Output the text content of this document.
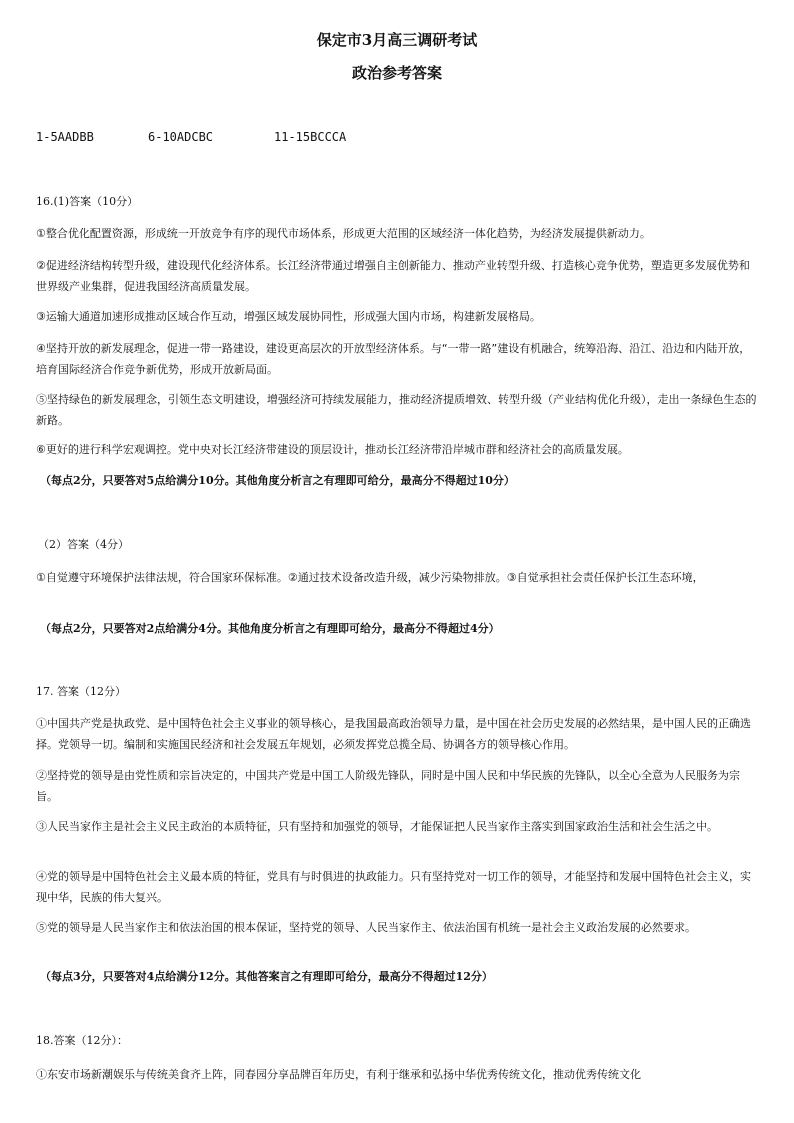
保定市3月高三调研考试
政治参考答案
1-5AADBB	6-10ADCBC	11-15BCCCA
16.(1)答案（10分）

①整合优化配置资源，形成统一开放竞争有序的现代市场体系，形成更大范围的区域经济一体化趋势，为经济发展提供新动力。

②促进经济结构转型升级，建设现代化经济体系。长江经济带通过增强自主创新能力、推动产业转型升级、打造核心竞争优势，塑造更多发展优势和世界级产业集群，促进我国经济高质量发展。

③运输大通道加速形成推动区域合作互动，增强区域发展协同性，形成强大国内市场，构建新发展格局。

④坚持开放的新发展理念，促进一带一路建设，建设更高层次的开放型经济体系。与“一带一路”建设有机融合，统筹沿海、沿江、沿边和内陆开放，培育国际经济合作竞争新优势，形成开放新局面。

⑤坚持绿色的新发展理念，引领生态文明建设，增强经济可持续发展能力，推动经济提质增效、转型升级（产业结构优化升级），走出一条绿色生态的新路。

⑥更好的进行科学宏观调控。党中央对长江经济带建设的顶层设计，推动长江经济带沿岸城市群和经济社会的高质量发展。

（每点2分，只要答对5点给满分10分。其他角度分析言之有理即可给分，最高分不得超过10分）

（2）答案（4分）

①自觉遵守环境保护法律法规，符合国家环保标准。②通过技术设备改造升级，减少污染物排放。③自觉承担社会责任保护长江生态环境，

（每点2分，只要答对2点给满分4分。其他角度分析言之有理即可给分，最高分不得超过4分）

17. 答案（12分）

①中国共产党是执政党、是中国特色社会主义事业的领导核心，是我国最高政治领导力量，是中国在社会历史发展的必然结果，是中国人民的正确选择。党领导一切。编制和实施国民经济和社会发展五年规划，必须发挥党总揽全局、协调各方的领导核心作用。

②坚持党的领导是由党性质和宗旨决定的，中国共产党是中国工人阶级先锋队，同时是中国人民和中华民族的先锋队，以全心全意为人民服务为宗旨。

③人民当家作主是社会主义民主政治的本质特征，只有坚持和加强党的领导，才能保证把人民当家作主落实到国家政治生活和社会生活之中。

④党的领导是中国特色社会主义最本质的特征，党具有与时俱进的执政能力。只有坚持党对一切工作的领导，才能坚持和发展中国特色社会主义，实现中华，民族的伟大复兴。

⑤党的领导是人民当家作主和依法治国的根本保证，坚持党的领导、人民当家作主、依法治国有机统一是社会主义政治发展的必然要求。

（每点3分，只要答对4点给满分12分。其他答案言之有理即可给分，最高分不得超过12分）

18.答案（12分）：

①东安市场新潮娱乐与传统美食齐上阵，同春园分享品牌百年历史，有利于继承和弘扬中华优秀传统文化，推动优秀传统文化
